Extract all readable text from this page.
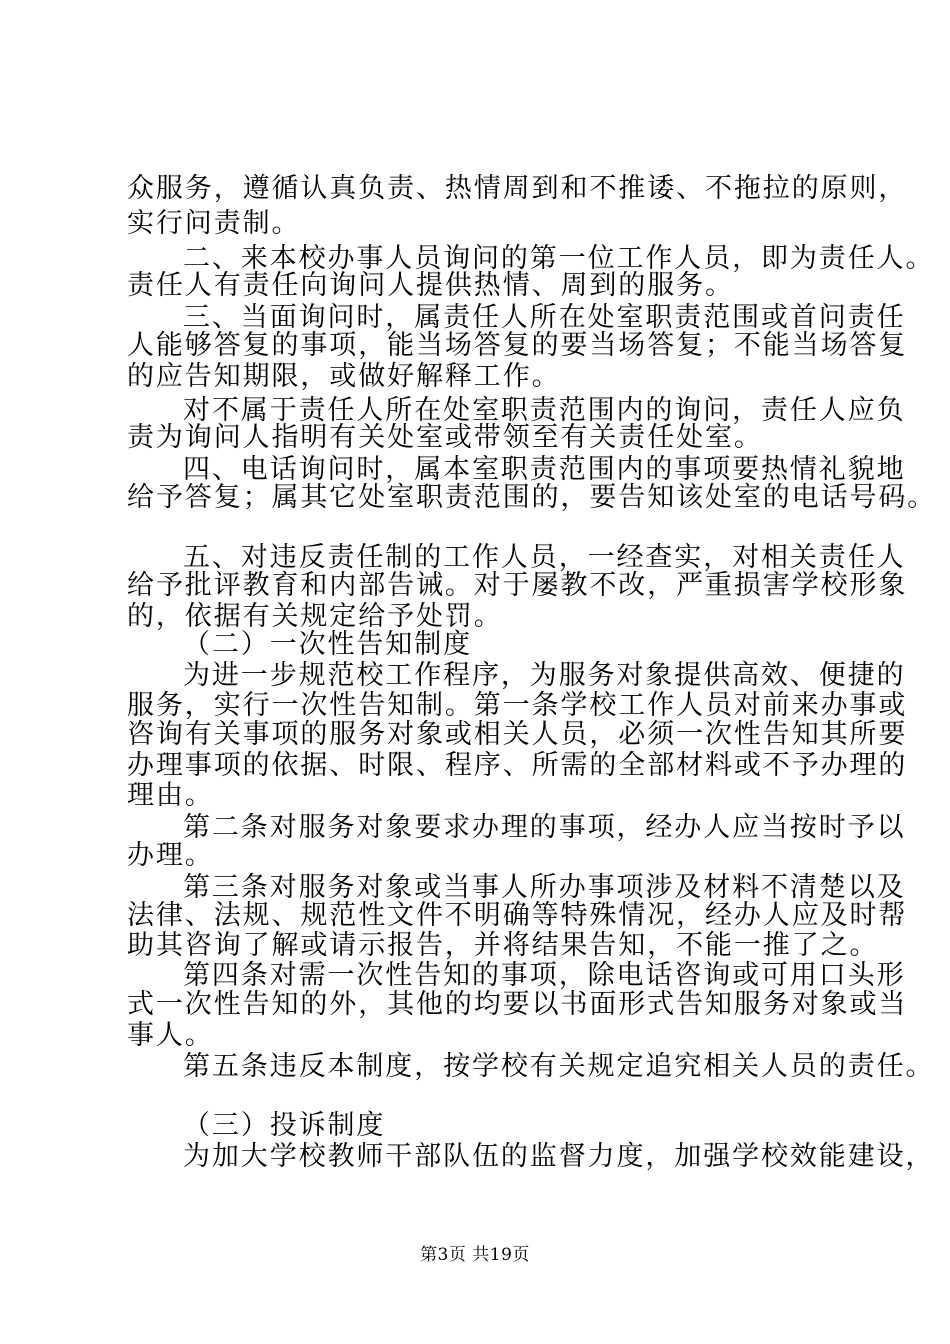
众服务，遵循认真负责、热情周到和不推诿、不拖拉的原则，
实行问责制。
二、来本校办事人员询问的第一位工作人员，即为责任人。
责任人有责任向询问人提供热情、周到的服务。
三、当面询问时，属责任人所在处室职责范围或首问责任
人能够答复的事项，能当场答复的要当场答复；不能当场答复
的应告知期限，或做好解释工作。
对不属于责任人所在处室职责范围内的询问，责任人应负
责为询问人指明有关处室或带领至有关责任处室。
四、电话询问时，属本室职责范围内的事项要热情礼貌地
给予答复；属其它处室职责范围的，要告知该处室的电话号码。
五、对违反责任制的工作人员，一经查实，对相关责任人
给予批评教育和内部告诫。对于屡教不改，严重损害学校形象
的，依据有关规定给予处罚。
（二）一次性告知制度
为进一步规范校工作程序，为服务对象提供高效、便捷的
服务，实行一次性告知制。第一条学校工作人员对前来办事或
咨询有关事项的服务对象或相关人员，必须一次性告知其所要
办理事项的依据、时限、程序、所需的全部材料或不予办理的
理由。
第二条对服务对象要求办理的事项，经办人应当按时予以
办理。
第三条对服务对象或当事人所办事项涉及材料不清楚以及
法律、法规、规范性文件不明确等特殊情况，经办人应及时帮
助其咨询了解或请示报告，并将结果告知，不能一推了之。
第四条对需一次性告知的事项，除电话咨询或可用口头形
式一次性告知的外，其他的均要以书面形式告知服务对象或当
事人。
第五条违反本制度，按学校有关规定追究相关人员的责任。
（三）投诉制度
为加大学校教师干部队伍的监督力度，加强学校效能建设，
第3页 共19页
